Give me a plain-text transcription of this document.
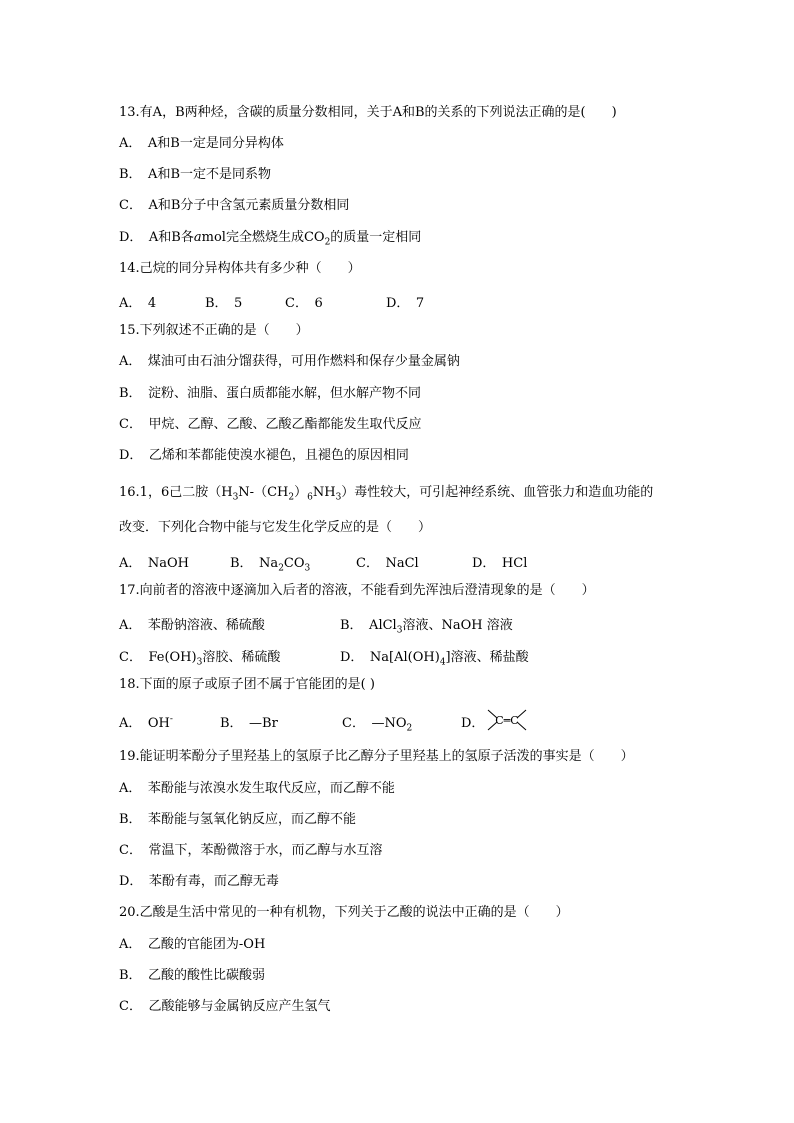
13.有A，B两种烃，含碳的质量分数相同，关于A和B的关系的下列说法正确的是(　　)
A．　A和B一定是同分异构体
B．　A和B一定不是同系物
C．　A和B分子中含氢元素质量分数相同
D．　A和B各amol完全燃烧生成$CO_2$的质量一定相同
14.己烷的同分异构体共有多少种（　　）
A．　4	B．　5	C．　6	D．　7
15.下列叙述不正确的是（　　）
A．　煤油可由石油分馏获得，可用作燃料和保存少量金属钠
B．　淀粉、油脂、蛋白质都能水解，但水解产物不同
C．　甲烷、乙醇、乙酸、乙酸乙酯都能发生取代反应
D．　乙烯和苯都能使溴水褪色，且褪色的原因相同
16.1，6己二胺$(H_3N-(CH_2)_6NH_3)$毒性较大，可引起神经系统、血管张力和造血功能的
改变．下列化合物中能与它发生化学反应的是（　　）
A．　NaOH	B．　$Na_2CO_3$	C．　NaCl	D．　HCl
17.向前者的溶液中逐滴加入后者的溶液，不能看到先浑浊后澄清现象的是（　　）
A．　苯酚钠溶液、稀硫酸	B．　AlCl$_3$溶液、NaOH 溶液
C．　$Fe(OH)_3$溶胶、稀硫酸	D．　$Na[Al(OH)_4]$溶液、稀盐酸
18.下面的原子或原子团不属于官能团的是( )
A．　OH-	B．　—Br	C．　$—NO_2$	D． C═C
19.能证明苯酚分子里羟基上的氢原子比乙醇分子里羟基上的氢原子活泼的事实是（　　）
A．　苯酚能与浓溴水发生取代反应，而乙醇不能
B．　苯酚能与氢氧化钠反应，而乙醇不能
C．　常温下，苯酚微溶于水，而乙醇与水互溶
D．　苯酚有毒，而乙醇无毒
20.乙酸是生活中常见的一种有机物，下列关于乙酸的说法中正确的是（　　）
A．　乙酸的官能团为-OH
B．　乙酸的酸性比碳酸弱
C．　乙酸能够与金属钠反应产生氢气
